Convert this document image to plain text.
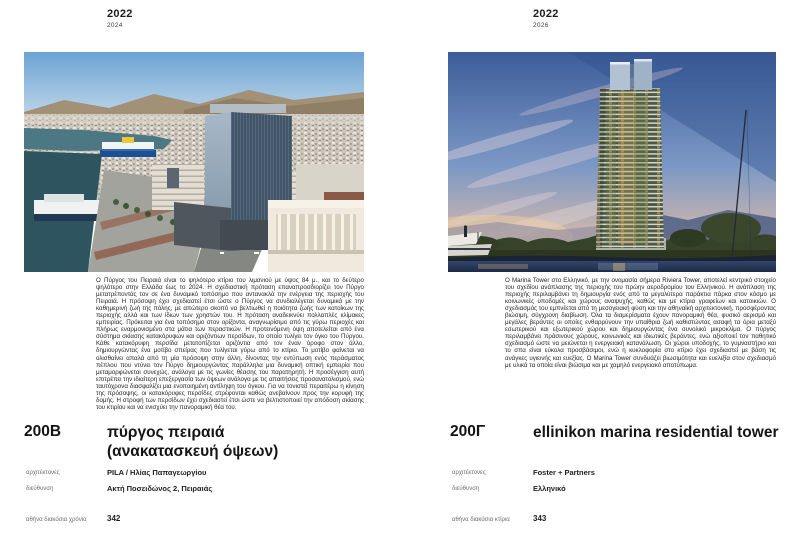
2022
2024
Ο Πύργος του Πειραιά είναι το ψηλότερο κτίριο του λιμανιού με ύψος 84 μ., και το δεύτερο ψηλότερο στην Ελλάδα έως το 2024. Η σχεδιαστική πρόταση επαναπροσδιορίζει τον Πύργο μετατρέποντάς τον σε ένα δυναμικό τοπόσημο που αντανακλά την ενέργεια της περιοχής του Πειραιά. Η πρόσοψη έχει σχεδιαστεί έτσι ώστε ο Πύργος να συνδιαλέγεται δυναμικά με την καθημερινή ζωή της πόλης, με απώτερο σκοπό να βελτιωθεί η ποιότητα ζωής των κατοίκων της περιοχής αλλά και των ίδιων των χρηστών του. Η πρόταση αναδεικνύει πολλαπλές κλίμακες εμπειρίας. Πρόκειται για ένα τοπόσημο στον ορίζοντα, αναγνωρίσιμο από τις γύρω περιοχές και πλήρως εναρμονισμένο στα μάτια των περαστικών. Η προτεινόμενη όψη αποτελείται από ένα σύστημα σκίασης κατακόρυφων και οριζόντιων περσίδων, το οποίο τυλίγει τον όγκο του Πύργου. Κάθε κατακόρυφη περσίδα μετατοπίζεται οριζόντια από τον έναν όροφο στον άλλο, δημιουργώντας ένα μοτίβο σπείρας που τυλίγεται γύρω από το κτίριο. Το μοτίβο φαίνεται να ολισθαίνει απαλά από τη μία πρόσοψη στην άλλη, δίνοντας την εντύπωση ενός περάσματος πέπλου που ντύνει τον Πύργο δημιουργώντας παράλληλα μια δυναμική οπτική εμπειρία που μεταμορφώνεται συνεχώς, ανάλογα με τις γωνίες θέασης του παρατηρητή. Η προσέγγιση αυτή επιτρέπει την ιδιαίτερη επεξεργασία των όψεων ανάλογα με τις απαιτήσεις προσανατολισμού, ενώ ταυτόχρονα διασφαλίζει μια ενοποιημένη αντίληψη του όγκου. Για να τονιστεί περαιτέρω η κίνηση της πρόσοψης, οι κατακόρυφες περσίδες στρέφονται καθώς ανεβαίνουν προς την κορυφή της δομής. Η στροφή των περσίδων έχει σχεδιαστεί έτσι ώστε να βελτιστοποιεί την απόδοση σκίασης του κτιρίου και να ενισχύει την πανοραμική θέα του.
200Β	πύργος πειραιά
(ανακατασκευή όψεων)
αρχιτέκτονες	PILA / Ηλίας Παπαγεωργίου
διεύθυνση	Ακτή Ποσειδώνος 2, Πειραιάς
αθήνα διακόσια χρόνια	342
2022
2026
Ο Marina Tower στο Ελληνικό, με την ονομασία σήμερα Riviera Tower, αποτελεί κεντρικό στοιχείο του σχεδίου ανάπλασης της περιοχής του πρώην αεροδρομίου του Ελληνικού. Η ανάπλαση της περιοχής περιλαμβάνει τη δημιουργία ενός από τα μεγαλύτερα παράκτια πάρκα στον κόσμο με κοινωνικές υποδομές και χώρους αναψυχής, καθώς και με κτίρια γραφείων και κατοικιών. Ο σχεδιασμός του εμπνέεται από τη μεσογειακή φύση και την αθηναϊκή αρχιτεκτονική, προσφέροντας βιώσιμη, σύγχρονη διαβίωση. Όλα τα διαμερίσματα έχουν πανοραμική θέα, φυσικό αερισμό και μεγάλες βεράντες οι οποίες ενθαρρύνουν την υπαίθρια ζωή καθιστώντας ασαφή τα όρια μεταξύ εσωτερικού και εξωτερικού χώρου και δημιουργώντας ένα συνολικό μικροκλίμα. Ο πύργος περιλαμβάνει πράσινους χώρους, κοινωνικές και ιδιωτικές βεράντες, ενώ αξιοποιεί τον παθητικό σχεδιασμό ώστε να μειώνεται η ενεργειακή κατανάλωση. Οι χώροι υποδοχής, το γυμναστήριο και το σπα είναι εύκολα προσβάσιμοι, ενώ η κυκλοφορία στο κτίριο έχει σχεδιαστεί με βάση τις ανάγκες υγιεινής και ευεξίας. Ο Marina Tower συνδυάζει βιωσιμότητα και ευελιξία στον σχεδιασμό με υλικά τα οποία είναι βιώσιμα και με χαμηλό ενεργειακό αποτύπωμα.
200Γ	ellinikon marina residential tower
αρχιτέκτονες	Foster + Partners
διεύθυνση	Ελληνικό
αθήνα διακόσια κτίρια	343
